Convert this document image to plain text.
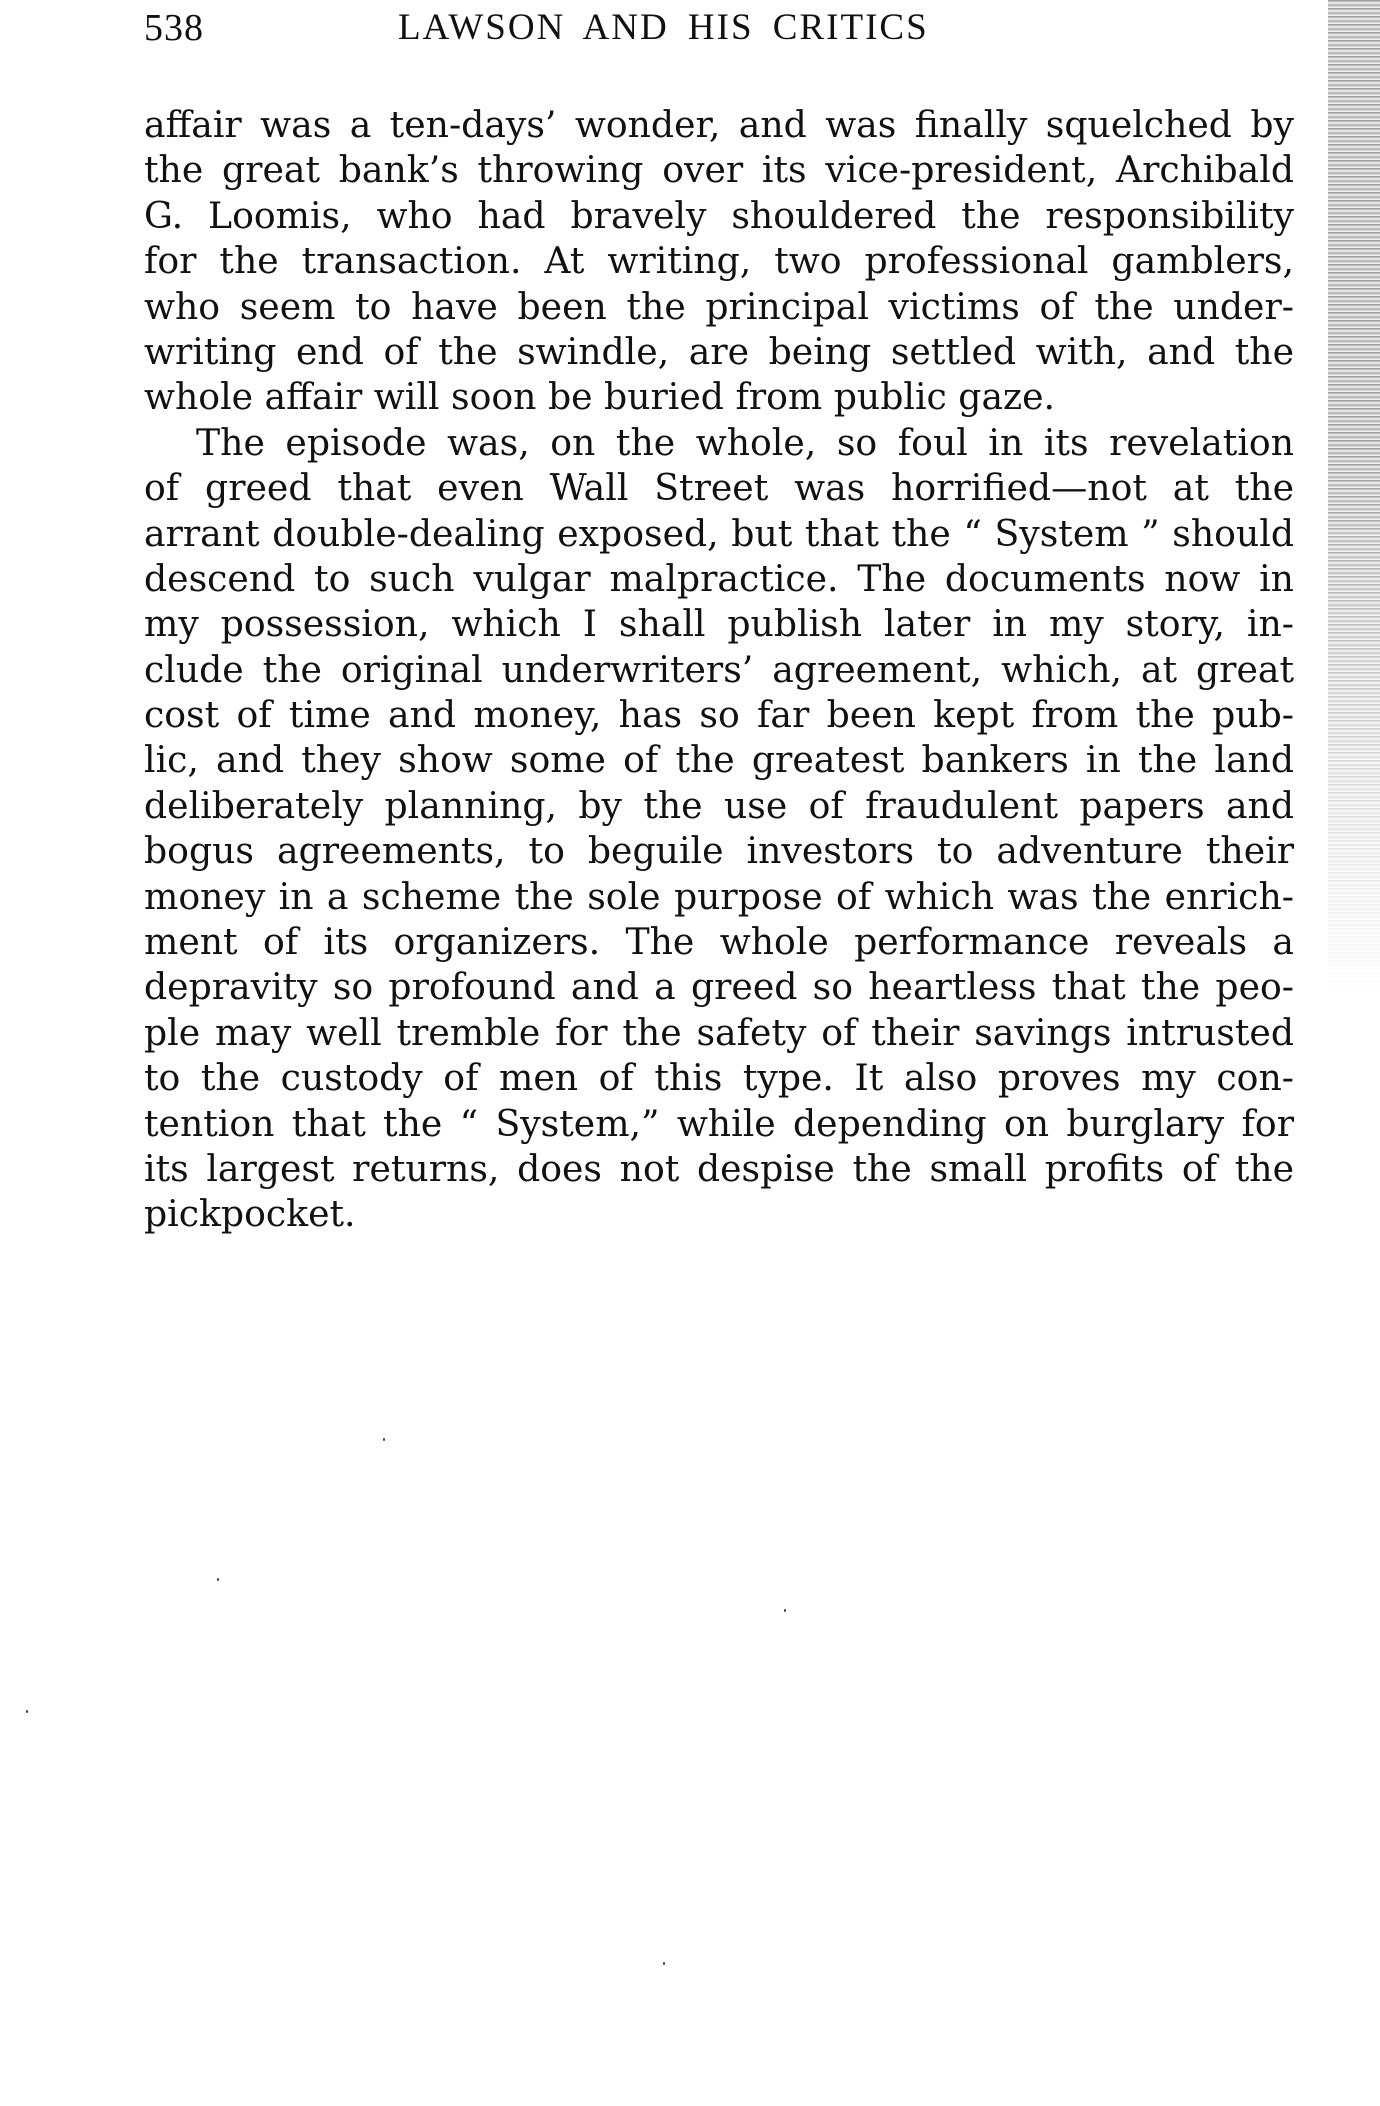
538	LAWSON AND HIS CRITICS
affair was a ten-days’ wonder, and was finally squelched by
the great bank’s throwing over its vice-president, Archibald
G. Loomis, who had bravely shouldered the responsibility
for the transaction. At writing, two professional gamblers,
who seem to have been the principal victims of the under-
writing end of the swindle, are being settled with, and the
whole affair will soon be buried from public gaze.
The episode was, on the whole, so foul in its revelation
of greed that even Wall Street was horrified—not at the
arrant double-dealing exposed, but that the “ System ” should
descend to such vulgar malpractice. The documents now in
my possession, which I shall publish later in my story, in-
clude the original underwriters’ agreement, which, at great
cost of time and money, has so far been kept from the pub-
lic, and they show some of the greatest bankers in the land
deliberately planning, by the use of fraudulent papers and
bogus agreements, to beguile investors to adventure their
money in a scheme the sole purpose of which was the enrich-
ment of its organizers. The whole performance reveals a
depravity so profound and a greed so heartless that the peo-
ple may well tremble for the safety of their savings intrusted
to the custody of men of this type. It also proves my con-
tention that the “ System,” while depending on burglary for
its largest returns, does not despise the small profits of the
pickpocket.
